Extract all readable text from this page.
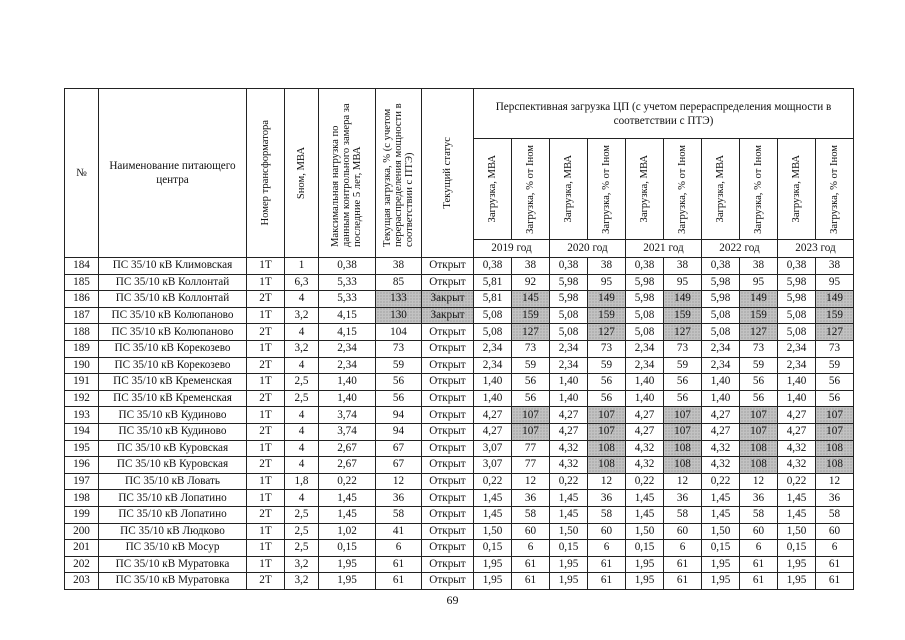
№	Наименование питающего центра	Номер трансформатора	Sном, МВА	Максимальная нагрузка по данным контрольного замера за последние 5 лет, МВА	Текущая загрузка, % (с учетом перераспределения мощности в соответствии с ПТЭ)	Текущий статус	Перспективная загрузка ЦП (с учетом перераспределения мощности в соответствии с ПТЭ)									

							Загрузка, МВА	Загрузка, % от Iном	Загрузка, МВА	Загрузка, % от Iном	Загрузка, МВА	Загрузка, % от Iном	Загрузка, МВА	Загрузка, % от Iном	Загрузка, МВА	Загрузка, % от Iном

							2019 год		2020 год		2021 год		2022 год		2023 год	
184	ПС 35/10 кВ Климовская	1Т	1	0,38	38	Открыт	0,38	38	0,38	38	0,38	38	0,38	38	0,38	38
185	ПС 35/10 кВ Коллонтай	1Т	6,3	5,33	85	Открыт	5,81	92	5,98	95	5,98	95	5,98	95	5,98	95
186	ПС 35/10 кВ Коллонтай	2Т	4	5,33	133	Закрыт	5,81	145	5,98	149	5,98	149	5,98	149	5,98	149
187	ПС 35/10 кВ Колюпаново	1Т	3,2	4,15	130	Закрыт	5,08	159	5,08	159	5,08	159	5,08	159	5,08	159
188	ПС 35/10 кВ Колюпаново	2Т	4	4,15	104	Открыт	5,08	127	5,08	127	5,08	127	5,08	127	5,08	127
189	ПС 35/10 кВ Корекозево	1Т	3,2	2,34	73	Открыт	2,34	73	2,34	73	2,34	73	2,34	73	2,34	73
190	ПС 35/10 кВ Корекозево	2Т	4	2,34	59	Открыт	2,34	59	2,34	59	2,34	59	2,34	59	2,34	59
191	ПС 35/10 кВ Кременская	1Т	2,5	1,40	56	Открыт	1,40	56	1,40	56	1,40	56	1,40	56	1,40	56
192	ПС 35/10 кВ Кременская	2Т	2,5	1,40	56	Открыт	1,40	56	1,40	56	1,40	56	1,40	56	1,40	56
193	ПС 35/10 кВ Кудиново	1Т	4	3,74	94	Открыт	4,27	107	4,27	107	4,27	107	4,27	107	4,27	107
194	ПС 35/10 кВ Кудиново	2Т	4	3,74	94	Открыт	4,27	107	4,27	107	4,27	107	4,27	107	4,27	107
195	ПС 35/10 кВ Куровская	1Т	4	2,67	67	Открыт	3,07	77	4,32	108	4,32	108	4,32	108	4,32	108
196	ПС 35/10 кВ Куровская	2Т	4	2,67	67	Открыт	3,07	77	4,32	108	4,32	108	4,32	108	4,32	108
197	ПС 35/10 кВ Ловать	1Т	1,8	0,22	12	Открыт	0,22	12	0,22	12	0,22	12	0,22	12	0,22	12
198	ПС 35/10 кВ Лопатино	1Т	4	1,45	36	Открыт	1,45	36	1,45	36	1,45	36	1,45	36	1,45	36
199	ПС 35/10 кВ Лопатино	2Т	2,5	1,45	58	Открыт	1,45	58	1,45	58	1,45	58	1,45	58	1,45	58
200	ПС 35/10 кВ Людково	1Т	2,5	1,02	41	Открыт	1,50	60	1,50	60	1,50	60	1,50	60	1,50	60
201	ПС 35/10 кВ Мосур	1Т	2,5	0,15	6	Открыт	0,15	6	0,15	6	0,15	6	0,15	6	0,15	6
202	ПС 35/10 кВ Муратовка	1Т	3,2	1,95	61	Открыт	1,95	61	1,95	61	1,95	61	1,95	61	1,95	61
203	ПС 35/10 кВ Муратовка	2Т	3,2	1,95	61	Открыт	1,95	61	1,95	61	1,95	61	1,95	61	1,95	61
69
